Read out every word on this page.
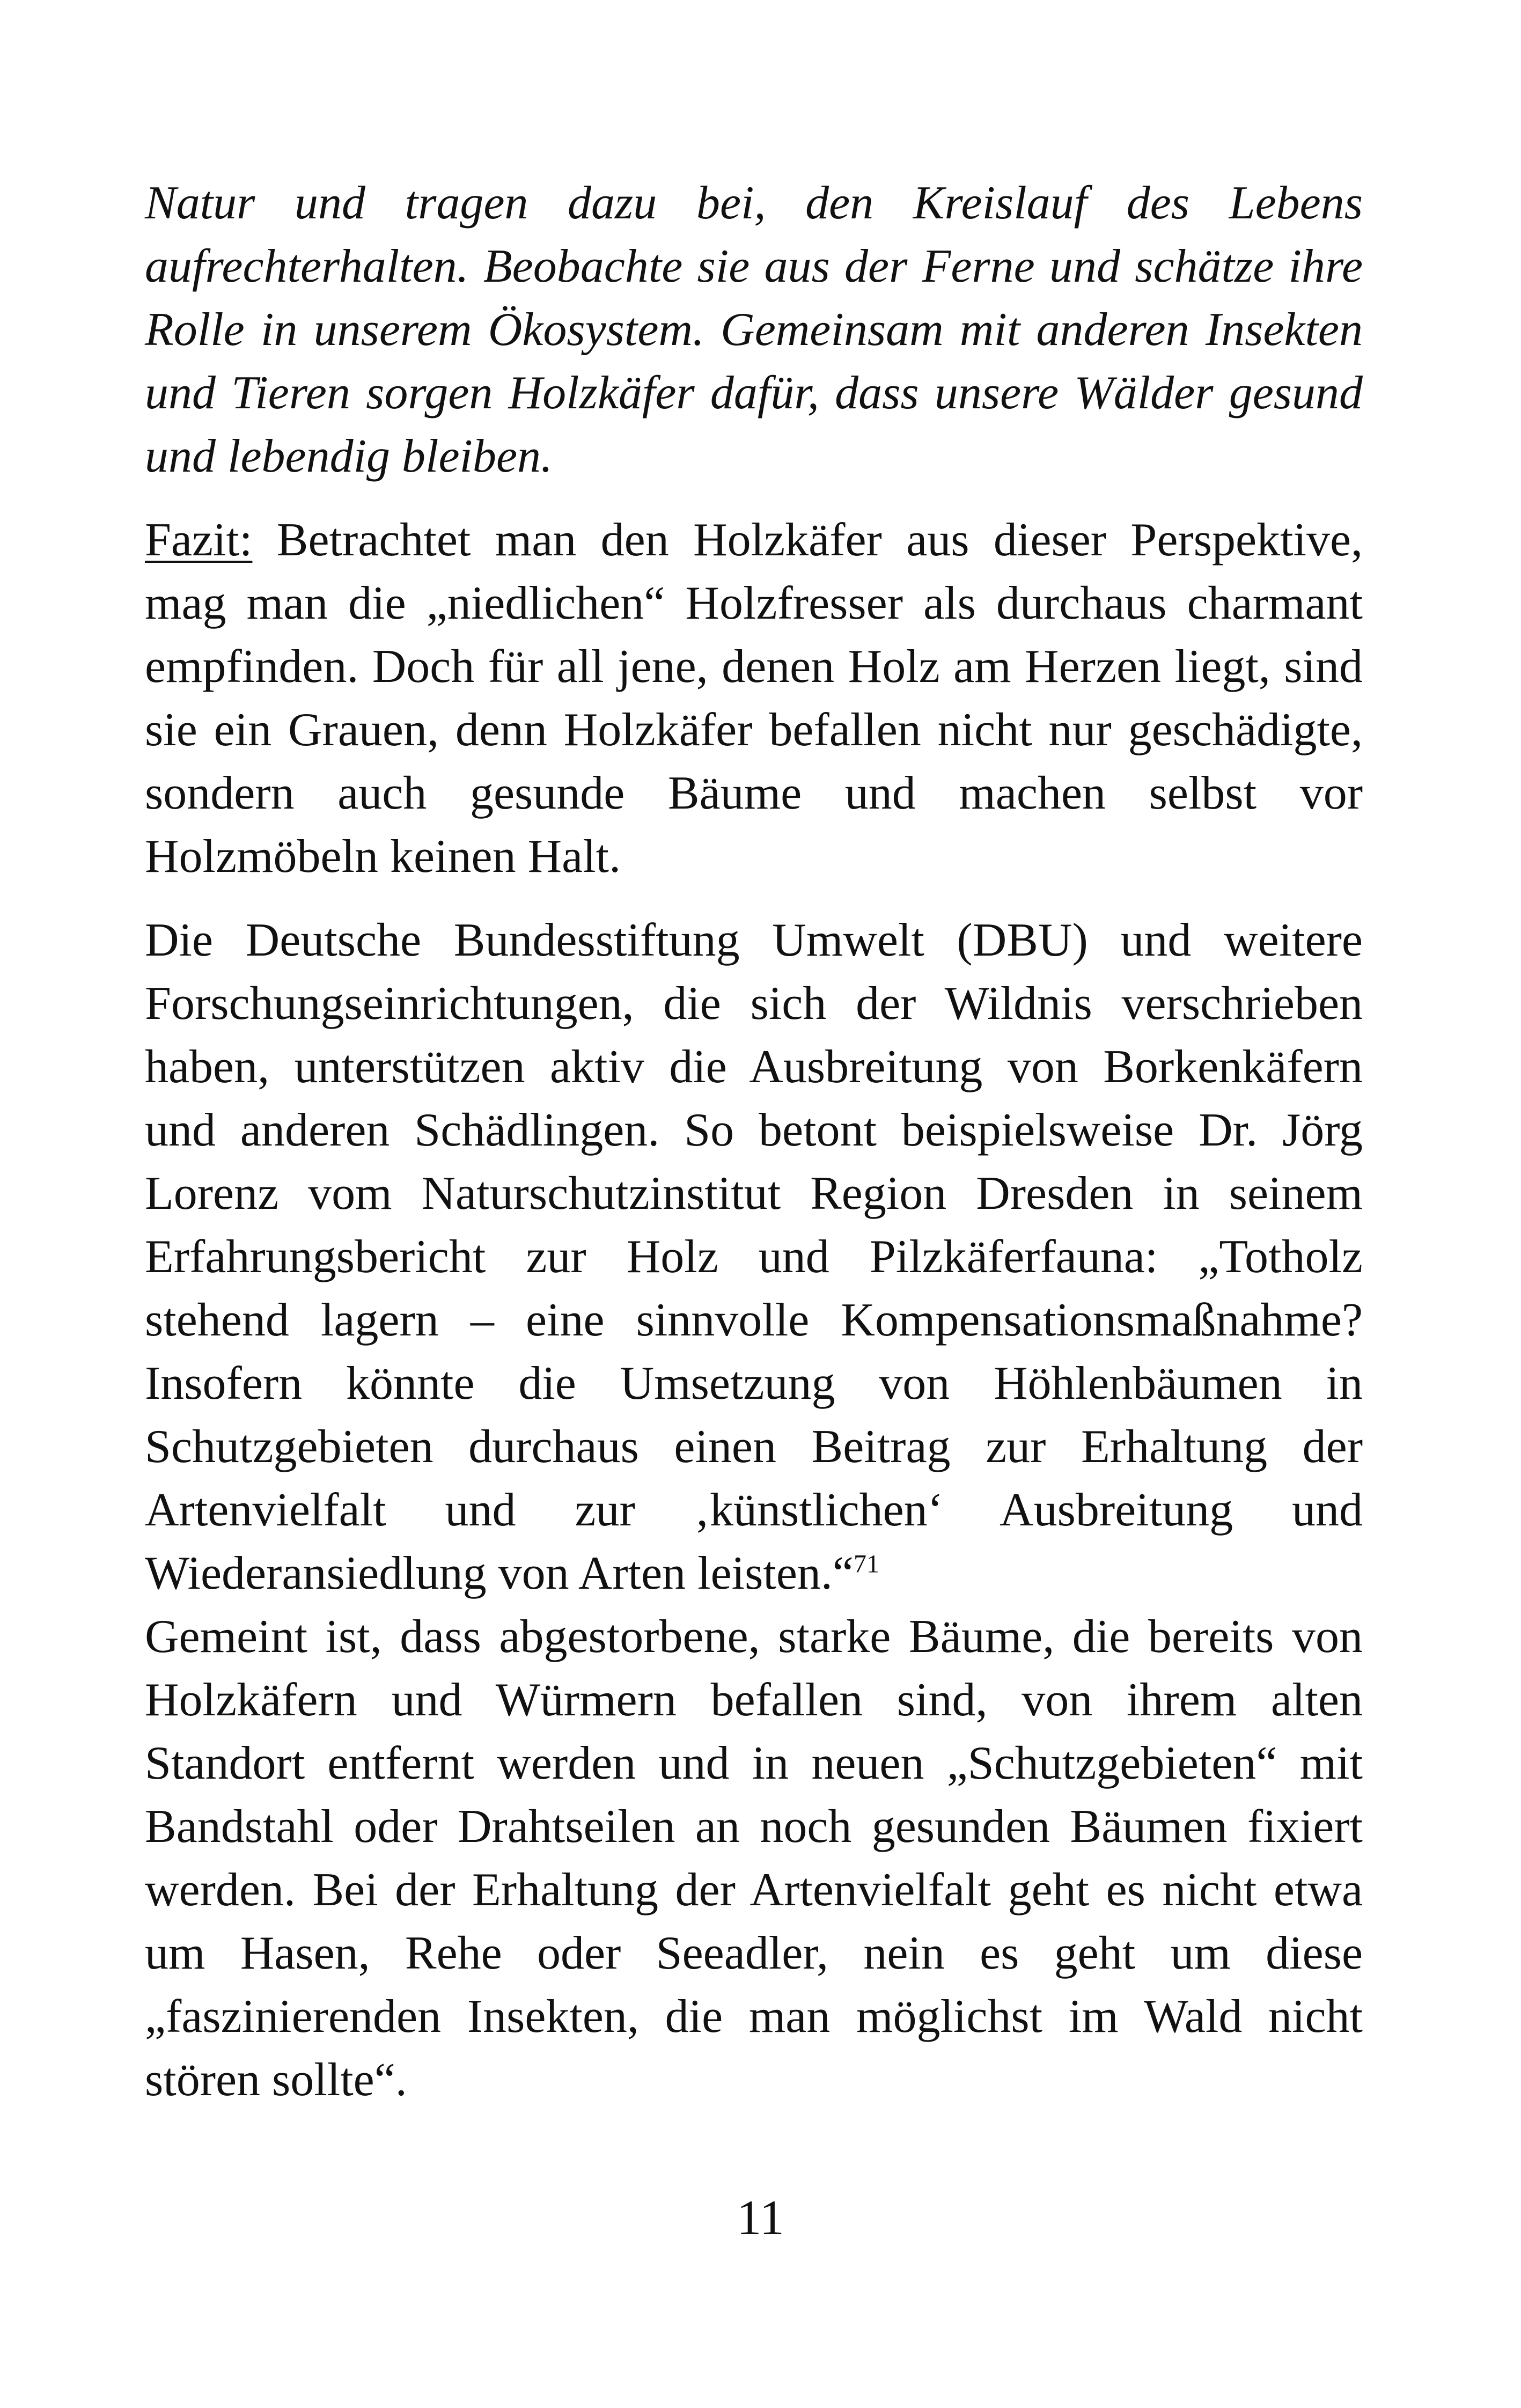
Natur und tragen dazu bei, den Kreislauf des Lebens aufrechterhalten. Beobachte sie aus der Ferne und schätze ihre Rolle in unserem Ökosystem. Gemeinsam mit anderen Insekten und Tieren sorgen Holzkäfer dafür, dass unsere Wälder gesund und lebendig bleiben.

Fazit: Betrachtet man den Holzkäfer aus dieser Perspektive, mag man die „niedlichen“ Holzfresser als durchaus charmant empfinden. Doch für all jene, denen Holz am Herzen liegt, sind sie ein Grauen, denn Holzkäfer befallen nicht nur geschädigte, sondern auch gesunde Bäume und machen selbst vor Holzmöbeln keinen Halt.

Die Deutsche Bundesstiftung Umwelt (DBU) und weitere Forschungseinrichtungen, die sich der Wildnis verschrieben haben, unterstützen aktiv die Ausbreitung von Borkenkäfern und anderen Schädlingen. So betont beispielsweise Dr. Jörg Lorenz vom Naturschutzinstitut Region Dresden in seinem Erfahrungsbericht zur Holz und Pilzkäferfauna: „Totholz stehend lagern – eine sinnvolle Kompensationsmaßnahme? Insofern könnte die Umsetzung von Höhlenbäumen in Schutzgebieten durchaus einen Beitrag zur Erhaltung der Artenvielfalt und zur ‚künstlichen‘ Ausbreitung und Wiederansiedlung von Arten leisten.“$^{71}$

Gemeint ist, dass abgestorbene, starke Bäume, die bereits von Holzkäfern und Würmern befallen sind, von ihrem alten Standort entfernt werden und in neuen „Schutzgebieten“ mit Bandstahl oder Drahtseilen an noch gesunden Bäumen fixiert werden. Bei der Erhaltung der Artenvielfalt geht es nicht etwa um Hasen, Rehe oder Seeadler, nein es geht um diese „faszinierenden Insekten, die man möglichst im Wald nicht stören sollte“.

11
